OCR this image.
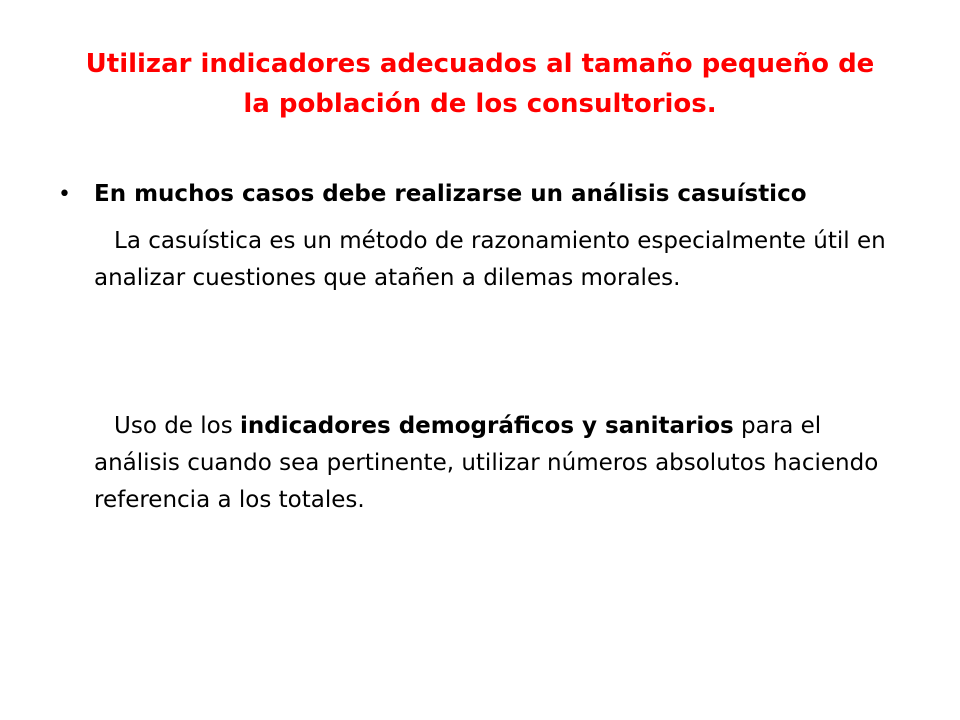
Utilizar indicadores adecuados al tamaño pequeño de
la población de los consultorios.
• En muchos casos debe realizarse un análisis casuístico
La casuística es un método de razonamiento especialmente útil en analizar cuestiones que atañen a dilemas morales.
Uso de los indicadores demográficos y sanitarios para el análisis cuando sea pertinente, utilizar números absolutos haciendo referencia a los totales.
